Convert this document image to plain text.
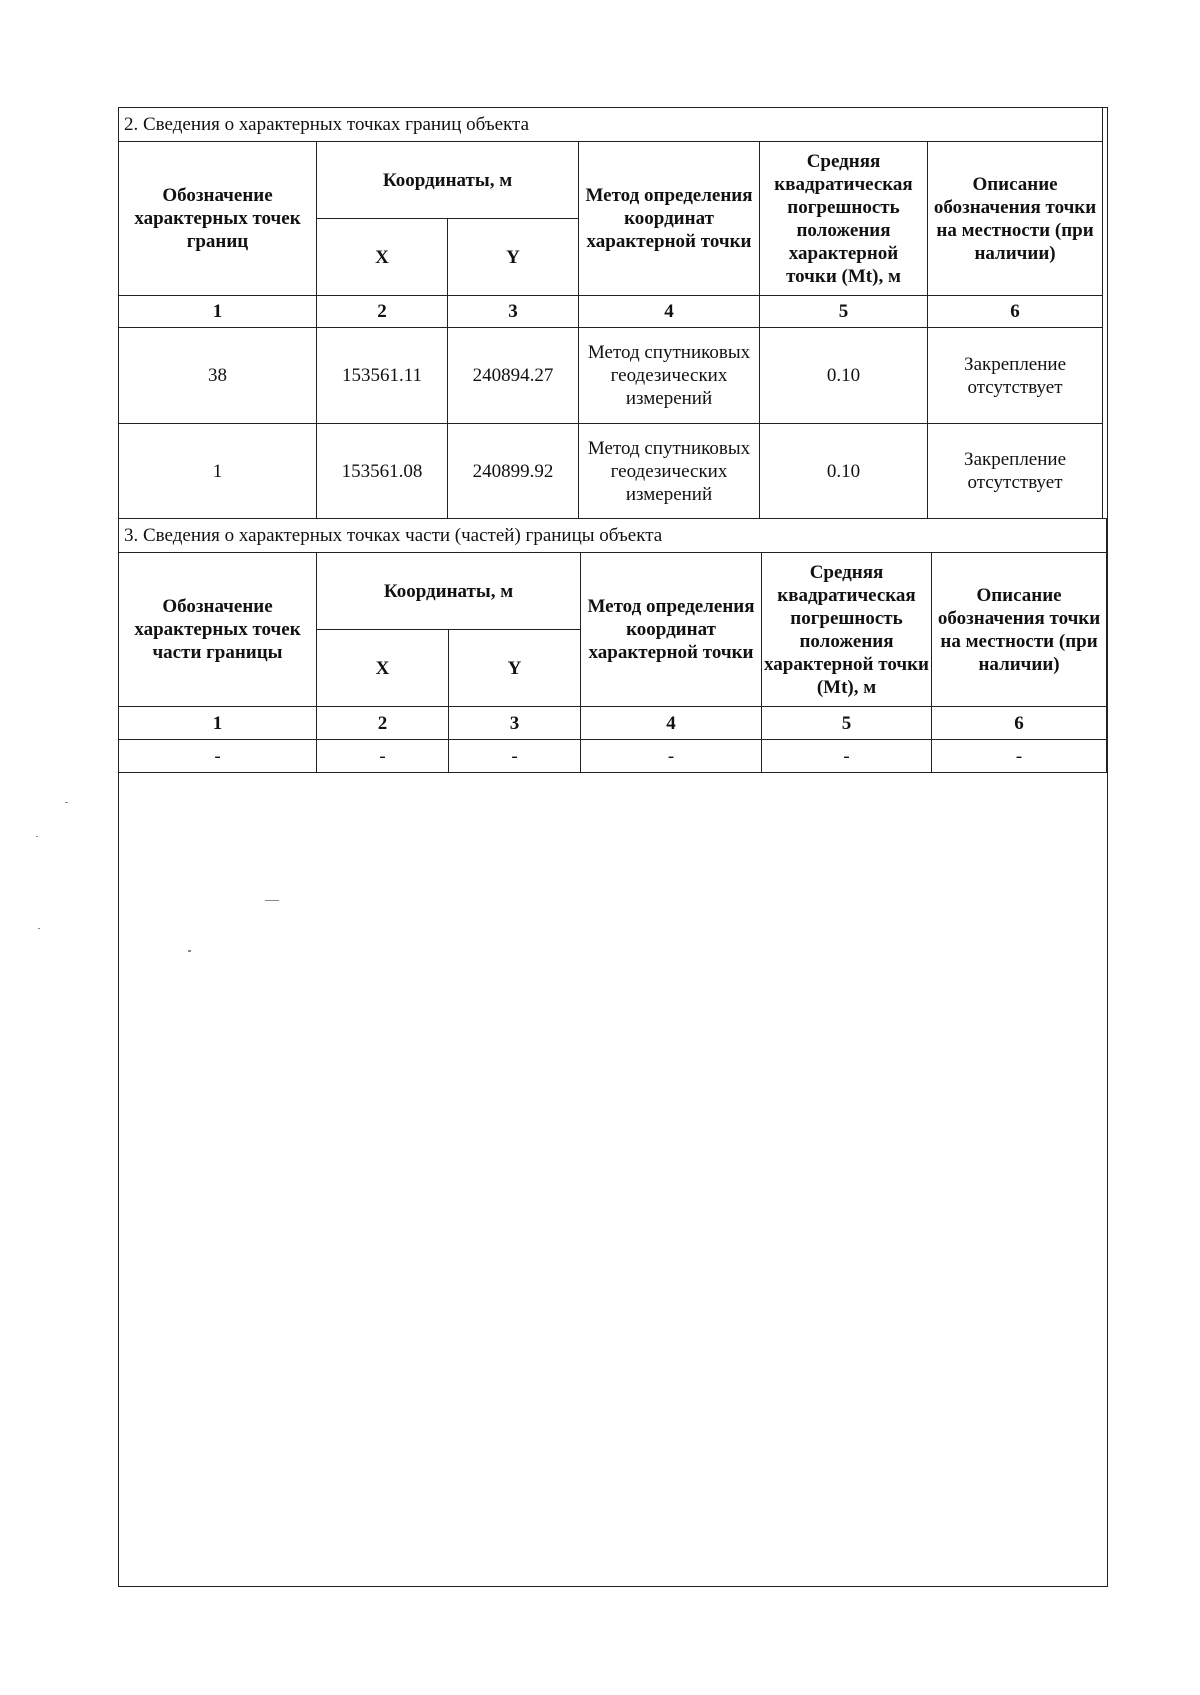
2. Сведения о характерных точках границ объекта					
Обозначение характерных точек границ	Координаты, м		Метод определения координат характерной точки	Средняя квадратическая погрешность положения характерной точки (Mt), м	Описание обозначения точки на местности (при наличии)
	X	Y			
1	2	3	4	5	6
38	153561.11	240894.27	Метод спутниковых геодезических измерений	0.10	Закрепление отсутствует
1	153561.08	240899.92	Метод спутниковых геодезических измерений	0.10	Закрепление отсутствует
3. Сведения о характерных точках части (частей) границы объекта					
Обозначение характерных точек части границы	Координаты, м		Метод определения координат характерной точки	Средняя квадратическая погрешность положения характерной точки (Mt), м	Описание обозначения точки на местности (при наличии)
	X	Y			
1	2	3	4	5	6
-	-	-	-	-	-
